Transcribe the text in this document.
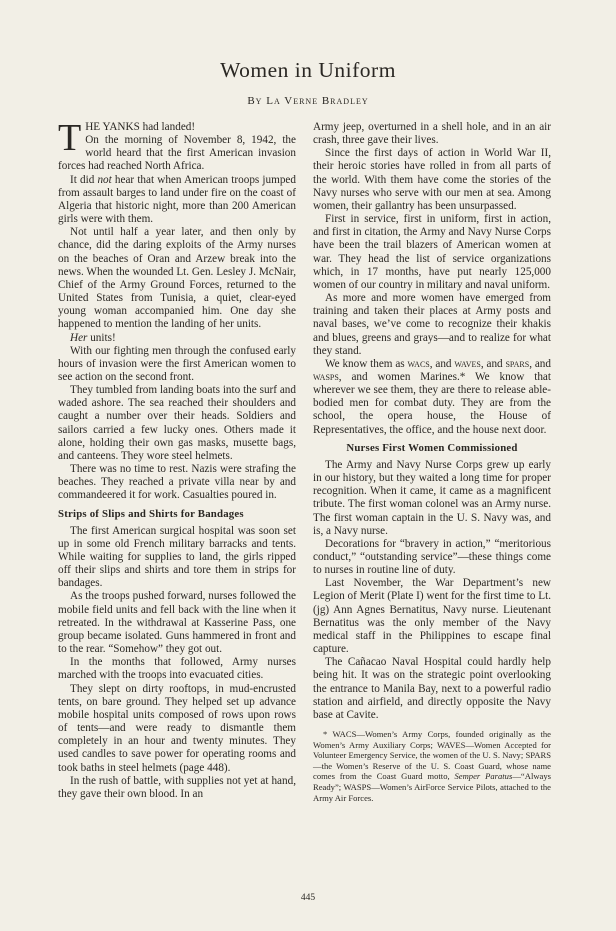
Women in Uniform

By La Verne Bradley

THE YANKS had landed!
On the morning of November 8, 1942, the world heard that the first American invasion forces had reached North Africa.

It did not hear that when American troops jumped from assault barges to land under fire on the coast of Algeria that historic night, more than 200 American girls were with them.

Not until half a year later, and then only by chance, did the daring exploits of the Army nurses on the beaches of Oran and Arzew break into the news. When the wounded Lt. Gen. Lesley J. McNair, Chief of the Army Ground Forces, returned to the United States from Tunisia, a quiet, clear-eyed young woman accompanied him. One day she happened to mention the landing of her units.

Her units!

With our fighting men through the confused early hours of invasion were the first American women to see action on the second front.

They tumbled from landing boats into the surf and waded ashore. The sea reached their shoulders and caught a number over their heads. Soldiers and sailors carried a few lucky ones. Others made it alone, holding their own gas masks, musette bags, and canteens. They wore steel helmets.

There was no time to rest. Nazis were strafing the beaches. They reached a private villa near by and commandeered it for work. Casualties poured in.

Strips of Slips and Shirts for Bandages

The first American surgical hospital was soon set up in some old French military barracks and tents. While waiting for supplies to land, the girls ripped off their slips and shirts and tore them in strips for bandages.

As the troops pushed forward, nurses followed the mobile field units and fell back with the line when it retreated. In the withdrawal at Kasserine Pass, one group became isolated. Guns hammered in front and to the rear. “Somehow” they got out.

In the months that followed, Army nurses marched with the troops into evacuated cities.

They slept on dirty rooftops, in mud-encrusted tents, on bare ground. They helped set up advance mobile hospital units composed of rows upon rows of tents—and were ready to dismantle them completely in an hour and twenty minutes. They used candles to save power for operating rooms and took baths in steel helmets (page 448).

In the rush of battle, with supplies not yet at hand, they gave their own blood. In an

Army jeep, overturned in a shell hole, and in an air crash, three gave their lives.

Since the first days of action in World War II, their heroic stories have rolled in from all parts of the world. With them have come the stories of the Navy nurses who serve with our men at sea. Among women, their gallantry has been unsurpassed.

First in service, first in uniform, first in action, and first in citation, the Army and Navy Nurse Corps have been the trail blazers of American women at war. They head the list of service organizations which, in 17 months, have put nearly 125,000 women of our country in military and naval uniform.

As more and more women have emerged from training and taken their places at Army posts and naval bases, we’ve come to recognize their khakis and blues, greens and grays—and to realize for what they stand.

We know them as wacs, and waves, and spars, and wasps, and women Marines.* We know that wherever we see them, they are there to release able-bodied men for combat duty. They are from the school, the opera house, the House of Representatives, the office, and the house next door.

Nurses First Women Commissioned

The Army and Navy Nurse Corps grew up early in our history, but they waited a long time for proper recognition. When it came, it came as a magnificent tribute. The first woman colonel was an Army nurse. The first woman captain in the U. S. Navy was, and is, a Navy nurse.

Decorations for “bravery in action,” “meritorious conduct,” “outstanding service”—these things come to nurses in routine line of duty.

Last November, the War Department’s new Legion of Merit (Plate I) went for the first time to Lt. (jg) Ann Agnes Bernatitus, Navy nurse. Lieutenant Bernatitus was the only member of the Navy medical staff in the Philippines to escape final capture.

The Cañacao Naval Hospital could hardly help being hit. It was on the strategic point overlooking the entrance to Manila Bay, next to a powerful radio station and airfield, and directly opposite the Navy base at Cavite.

* WACS—Women’s Army Corps, founded originally as the Women’s Army Auxiliary Corps; WAVES—Women Accepted for Volunteer Emergency Service, the women of the U. S. Navy; SPARS—the Women’s Reserve of the U. S. Coast Guard, whose name comes from the Coast Guard motto, Semper Paratus—“Always Ready”; WASPS—Women’s AirForce Service Pilots, attached to the Army Air Forces.

445
